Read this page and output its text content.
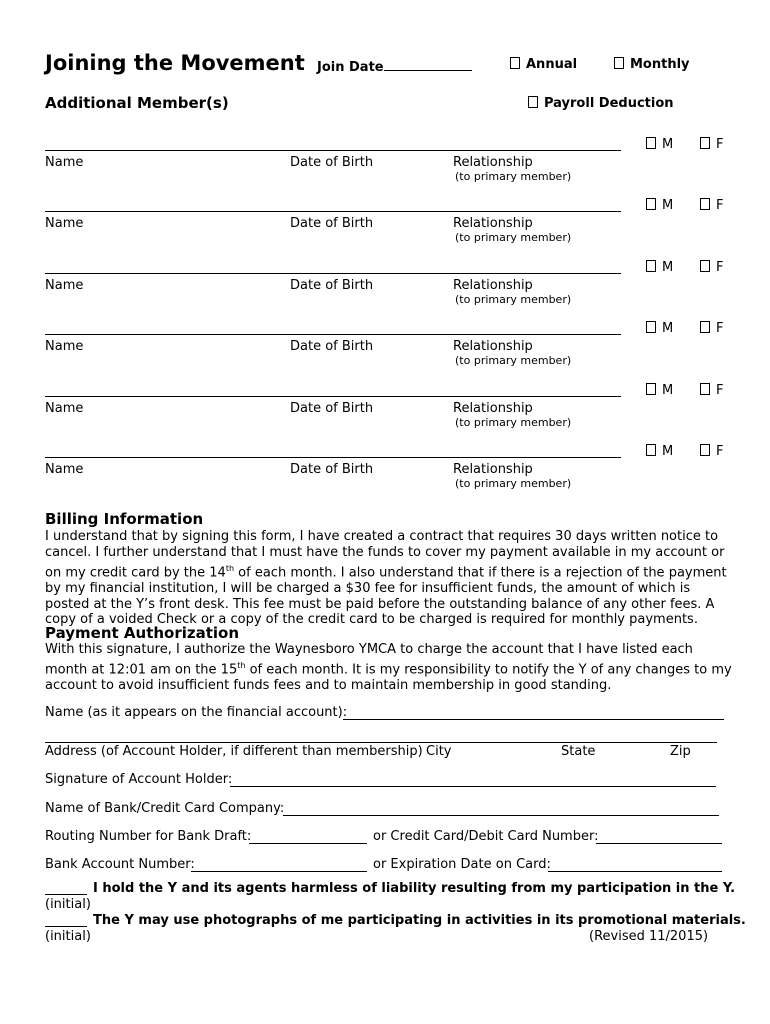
Joining the Movement Join Date	Annual	Monthly
Additional Member(s)	Payroll Deduction
M	F
Name	Date of Birth	Relationship
(to primary member)
M	F
Name	Date of Birth	Relationship
(to primary member)
M	F
Name	Date of Birth	Relationship
(to primary member)
M	F
Name	Date of Birth	Relationship
(to primary member)
M	F
Name	Date of Birth	Relationship
(to primary member)
M	F
Name	Date of Birth	Relationship
(to primary member)
Billing Information
I understand that by signing this form, I have created a contract that requires 30 days written notice to cancel. I further understand that I must have the funds to cover my payment available in my account or on my credit card by the 14th of each month. I also understand that if there is a rejection of the payment by my financial institution, I will be charged a $30 fee for insufficient funds, the amount of which is posted at the Y’s front desk. This fee must be paid before the outstanding balance of any other fees. A copy of a voided Check or a copy of the credit card to be charged is required for monthly payments.
Payment Authorization
With this signature, I authorize the Waynesboro YMCA to charge the account that I have listed each month at 12:01 am on the 15th of each month. It is my responsibility to notify the Y of any changes to my account to avoid insufficient funds fees and to maintain membership in good standing.
Name (as it appears on the financial account):
Address (of Account Holder, if different than membership) City	State	Zip
Signature of Account Holder:
Name of Bank/Credit Card Company:
Routing Number for Bank Draft:	or Credit Card/Debit Card Number:
Bank Account Number:	or Expiration Date on Card:
I hold the Y and its agents harmless of liability resulting from my participation in the Y.
(initial)
The Y may use photographs of me participating in activities in its promotional materials.
(initial)	(Revised 11/2015)
